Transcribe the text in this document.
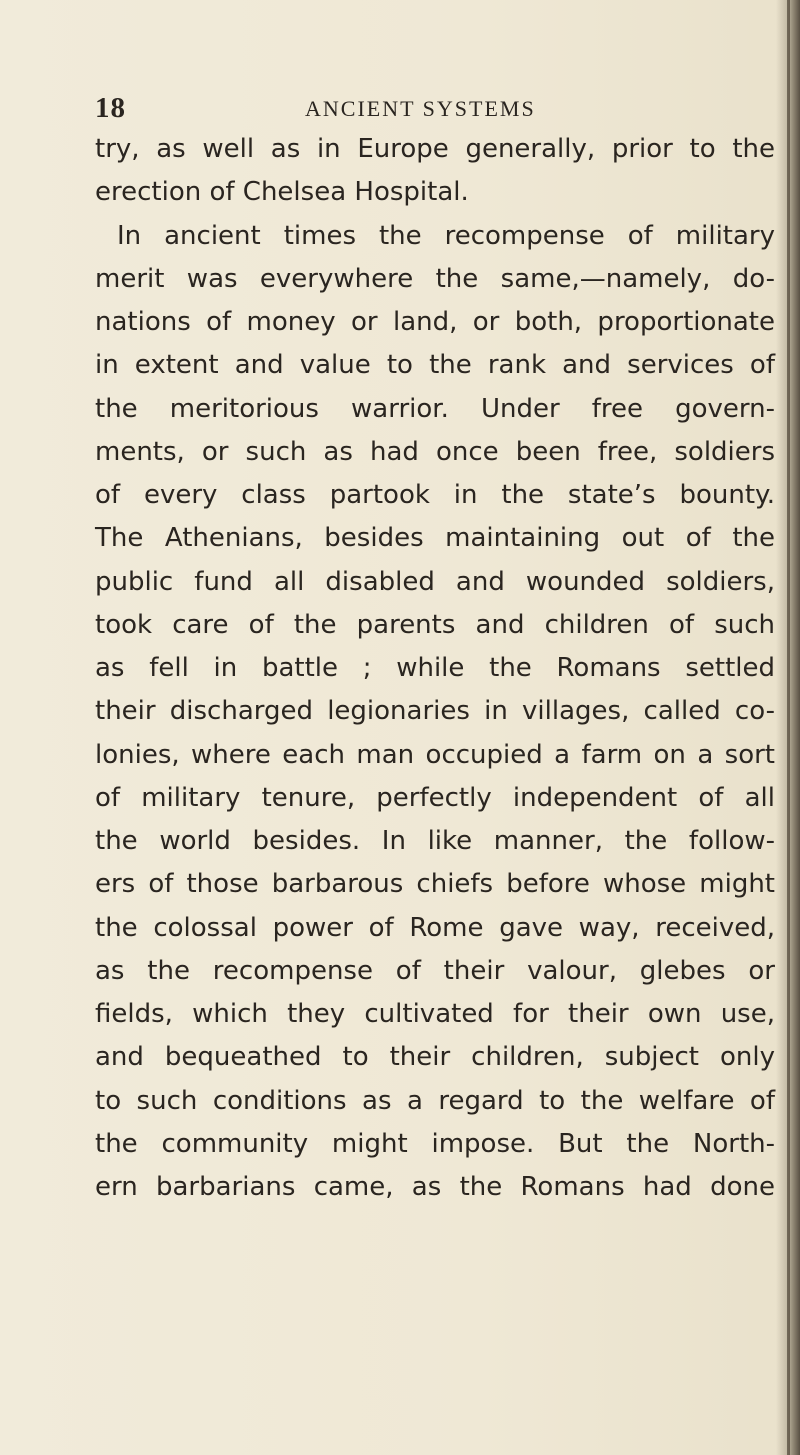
18	ANCIENT SYSTEMS
try, as well as in Europe generally, prior to the
erection of Chelsea Hospital.
In ancient times the recompense of military
merit was everywhere the same,—namely, do-
nations of money or land, or both, proportionate
in extent and value to the rank and services of
the meritorious warrior. Under free govern-
ments, or such as had once been free, soldiers
of every class partook in the state’s bounty.
The Athenians, besides maintaining out of the
public fund all disabled and wounded soldiers,
took care of the parents and children of such
as fell in battle ; while the Romans settled
their discharged legionaries in villages, called co-
lonies, where each man occupied a farm on a sort
of military tenure, perfectly independent of all
the world besides. In like manner, the follow-
ers of those barbarous chiefs before whose might
the colossal power of Rome gave way, received,
as the recompense of their valour, glebes or
fields, which they cultivated for their own use,
and bequeathed to their children, subject only
to such conditions as a regard to the welfare of
the community might impose. But the North-
ern barbarians came, as the Romans had done
